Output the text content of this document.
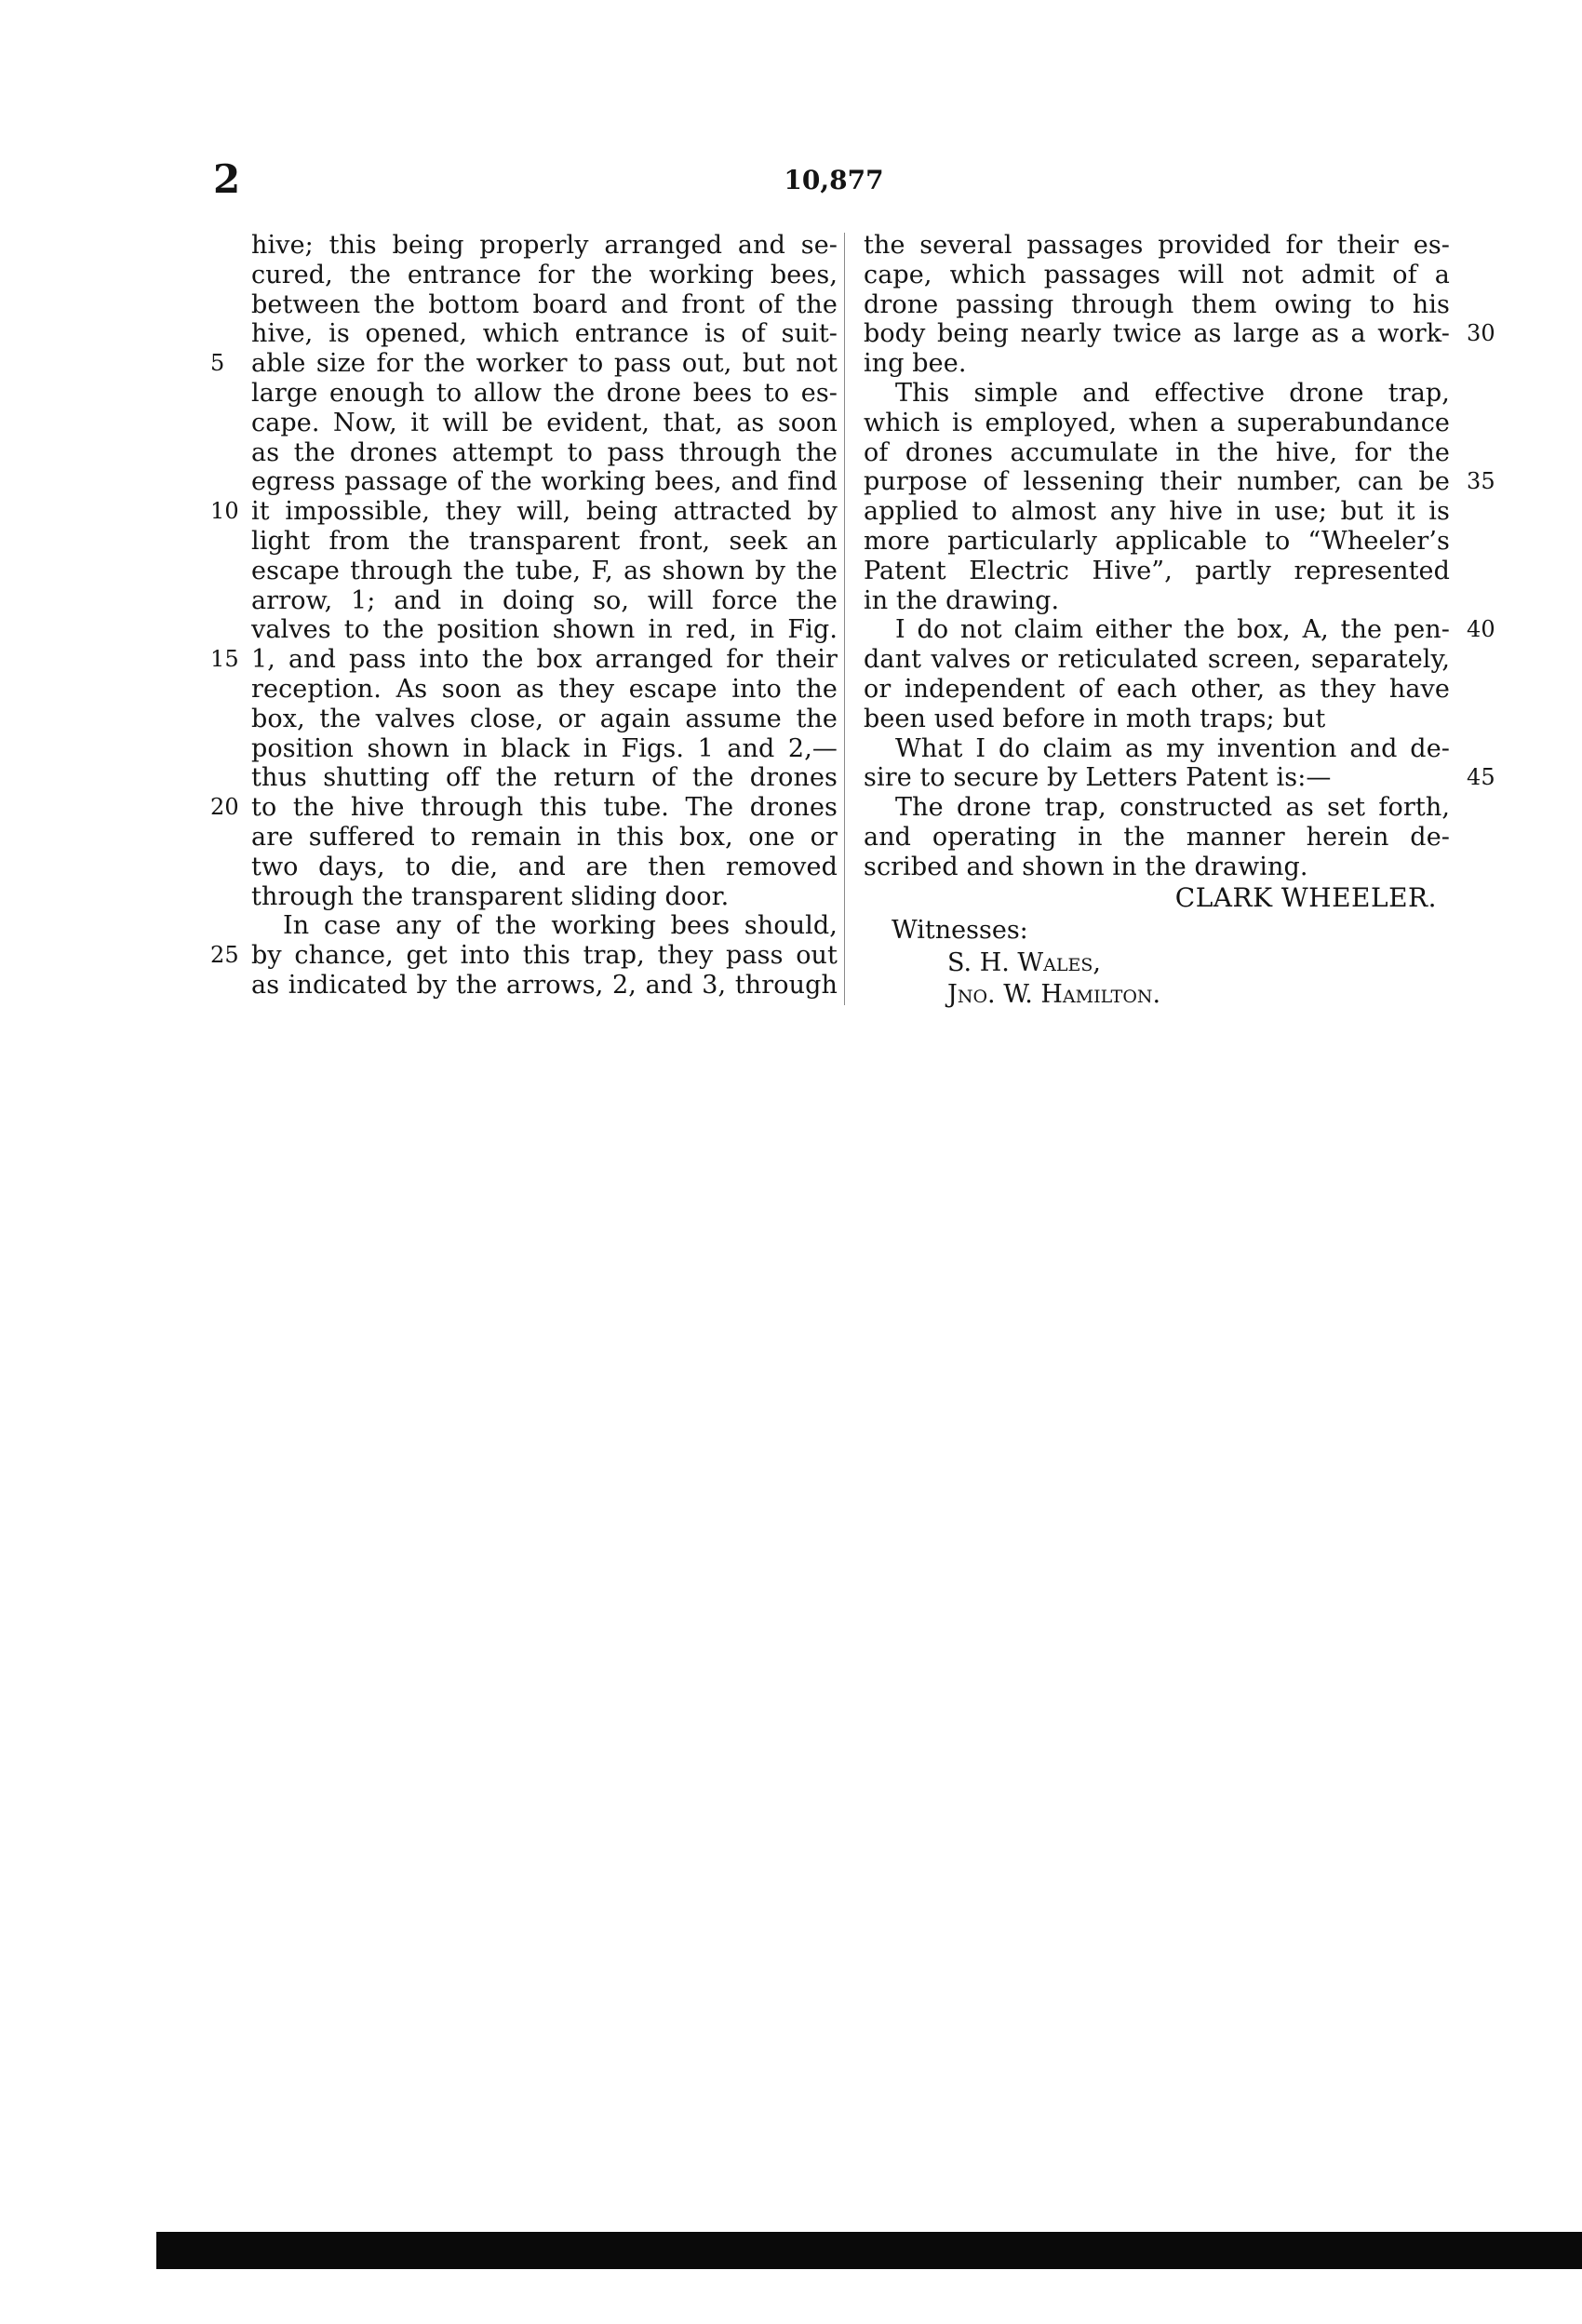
2	10,877
hive; this being properly arranged and se-
cured, the entrance for the working bees,
between the bottom board and front of the
hive, is opened, which entrance is of suit-
able size for the worker to pass out, but not
5
large enough to allow the drone bees to es-
cape. Now, it will be evident, that, as soon
as the drones attempt to pass through the
egress passage of the working bees, and find
it impossible, they will, being attracted by
10
light from the transparent front, seek an
escape through the tube, F, as shown by the
arrow, 1; and in doing so, will force the
valves to the position shown in red, in Fig.
1, and pass into the box arranged for their
15
reception. As soon as they escape into the
box, the valves close, or again assume the
position shown in black in Figs. 1 and 2,—
thus shutting off the return of the drones
to the hive through this tube. The drones
20
are suffered to remain in this box, one or
two days, to die, and are then removed
through the transparent sliding door.
In case any of the working bees should,
by chance, get into this trap, they pass out
25
as indicated by the arrows, 2, and 3, through
the several passages provided for their es-
cape, which passages will not admit of a
drone passing through them owing to his
body being nearly twice as large as a work- 30
ing bee.
This simple and effective drone trap,
which is employed, when a superabundance
of drones accumulate in the hive, for the
purpose of lessening their number, can be 35
applied to almost any hive in use; but it is
more particularly applicable to “Wheeler’s
Patent Electric Hive”, partly represented
in the drawing.
I do not claim either the box, A, the pen- 40
dant valves or reticulated screen, separately,
or independent of each other, as they have
been used before in moth traps; but
What I do claim as my invention and de-
sire to secure by Letters Patent is:—	45
The drone trap, constructed as set forth,
and operating in the manner herein de-
scribed and shown in the drawing.
CLARK WHEELER.
Witnesses:
S. H. Wales,
Jno. W. Hamilton.
